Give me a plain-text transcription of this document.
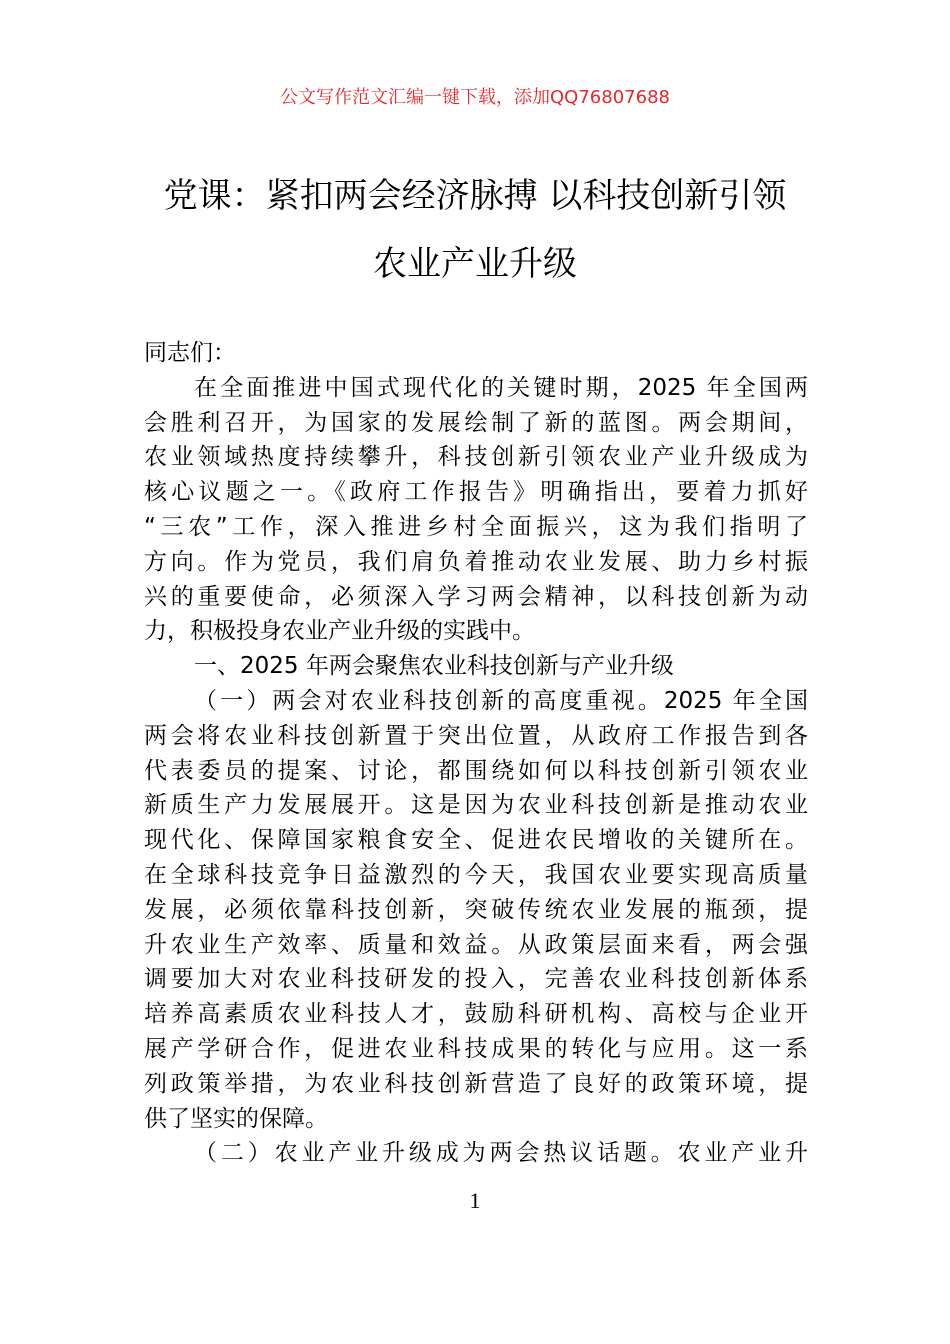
公文写作范文汇编一键下载，添加QQ76807688
党课：紧扣两会经济脉搏 以科技创新引领
农业产业升级
同志们：
在全面推进中国式现代化的关键时期，2025 年全国两
会胜利召开，为国家的发展绘制了新的蓝图。两会期间，
农业领域热度持续攀升，科技创新引领农业产业升级成为
核心议题之一。《政府工作报告》明确指出，要着力抓好
“三农”工作，深入推进乡村全面振兴，这为我们指明了
方向。作为党员，我们肩负着推动农业发展、助力乡村振
兴的重要使命，必须深入学习两会精神，以科技创新为动
力，积极投身农业产业升级的实践中。
一、2025 年两会聚焦农业科技创新与产业升级
（一）两会对农业科技创新的高度重视。2025 年全国
两会将农业科技创新置于突出位置，从政府工作报告到各
代表委员的提案、讨论，都围绕如何以科技创新引领农业
新质生产力发展展开。这是因为农业科技创新是推动农业
现代化、保障国家粮食安全、促进农民增收的关键所在。
在全球科技竞争日益激烈的今天，我国农业要实现高质量
发展，必须依靠科技创新，突破传统农业发展的瓶颈，提
升农业生产效率、质量和效益。从政策层面来看，两会强
调要加大对农业科技研发的投入，完善农业科技创新体系
培养高素质农业科技人才，鼓励科研机构、高校与企业开
展产学研合作，促进农业科技成果的转化与应用。这一系
列政策举措，为农业科技创新营造了良好的政策环境，提
供了坚实的保障。
（二）农业产业升级成为两会热议话题。农业产业升
1
